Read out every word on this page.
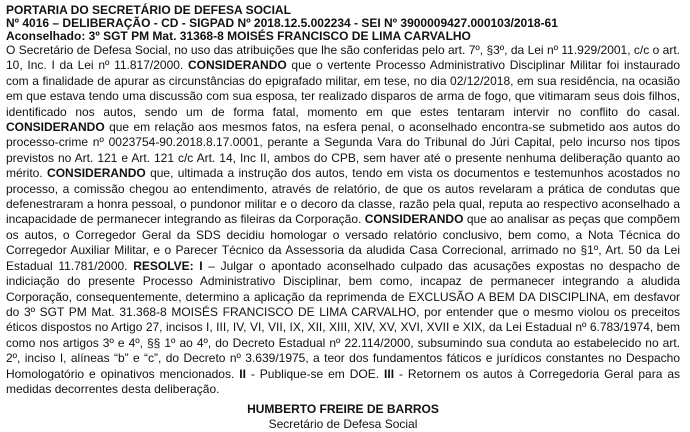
PORTARIA DO SECRETÁRIO DE DEFESA SOCIAL
Nº 4016 – DELIBERAÇÃO - CD - SIGPAD Nº 2018.12.5.002234 - SEI Nº 3900009427.000103/2018-61
Aconselhado: 3º SGT PM Mat. 31368-8 MOISÉS FRANCISCO DE LIMA CARVALHO

O Secretário de Defesa Social, no uso das atribuições que lhe são conferidas pelo art. 7º, §3º, da Lei nº 11.929/2001, c/c o art. 10, Inc. I da Lei nº 11.817/2000. CONSIDERANDO que o vertente Processo Administrativo Disciplinar Militar foi instaurado com a finalidade de apurar as circunstâncias do epigrafado militar, em tese, no dia 02/12/2018, em sua residência, na ocasião em que estava tendo uma discussão com sua esposa, ter realizado disparos de arma de fogo, que vitimaram seus dois filhos, identificado nos autos, sendo um de forma fatal, momento em que estes tentaram intervir no conflito do casal. CONSIDERANDO que em relação aos mesmos fatos, na esfera penal, o aconselhado encontra-se submetido aos autos do processo-crime nº 0023754-90.2018.8.17.0001, perante a Segunda Vara do Tribunal do Júri Capital, pelo incurso nos tipos previstos no Art. 121 e Art. 121 c/c Art. 14, Inc II, ambos do CPB, sem haver até o presente nenhuma deliberação quanto ao mérito. CONSIDERANDO que, ultimada a instrução dos autos, tendo em vista os documentos e testemunhos acostados no processo, a comissão chegou ao entendimento, através de relatório, de que os autos revelaram a prática de condutas que defenestraram a honra pessoal, o pundonor militar e o decoro da classe, razão pela qual, reputa ao respectivo aconselhado a incapacidade de permanecer integrando as fileiras da Corporação. CONSIDERANDO que ao analisar as peças que compõem os autos, o Corregedor Geral da SDS decidiu homologar o versado relatório conclusivo, bem como, a Nota Técnica do Corregedor Auxiliar Militar, e o Parecer Técnico da Assessoria da aludida Casa Correcional, arrimado no §1º, Art. 50 da Lei Estadual 11.781/2000. RESOLVE: I – Julgar o apontado aconselhado culpado das acusações expostas no despacho de indiciação do presente Processo Administrativo Disciplinar, bem como, incapaz de permanecer integrando a aludida Corporação, consequentemente, determino a aplicação da reprimenda de EXCLUSÃO A BEM DA DISCIPLINA, em desfavor do 3º SGT PM Mat. 31.368-8 MOISÉS FRANCISCO DE LIMA CARVALHO, por entender que o mesmo violou os preceitos éticos dispostos no Artigo 27, incisos I, III, IV, VI, VII, IX, XII, XIII, XIV, XV, XVI, XVII e XIX, da Lei Estadual nº 6.783/1974, bem como nos artigos 3º e 4º, §§ 1º ao 4º, do Decreto Estadual nº 22.114/2000, subsumindo sua conduta ao estabelecido no art. 2º, inciso I, alíneas “b” e “c”, do Decreto nº 3.639/1975, a teor dos fundamentos fáticos e jurídicos constantes no Despacho Homologatório e opinativos mencionados. II - Publique-se em DOE. III - Retornem os autos à Corregedoria Geral para as medidas decorrentes desta deliberação.

HUMBERTO FREIRE DE BARROS
Secretário de Defesa Social
